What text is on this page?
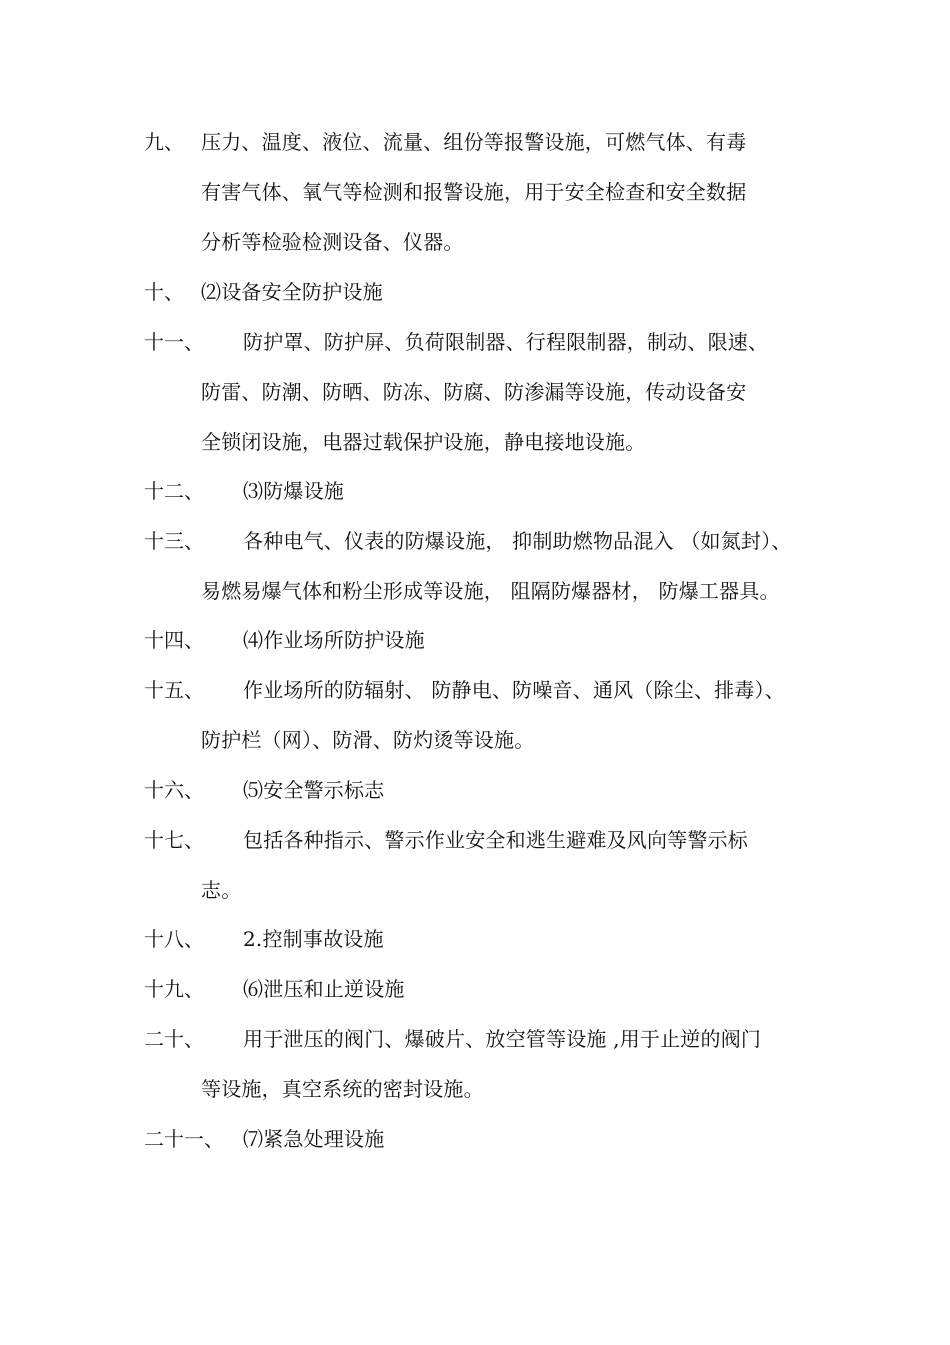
九、 压力、温度、液位、流量、组份等报警设施，可燃气体、有毒
有害气体、氧气等检测和报警设施，用于安全检查和安全数据
分析等检验检测设备、仪器。
十、 ⑵设备安全防护设施
十一、 防护罩、防护屏、负荷限制器、行程限制器，制动、限速、
防雷、防潮、防晒、防冻、防腐、防渗漏等设施，传动设备安
全锁闭设施，电器过载保护设施，静电接地设施。
十二、 ⑶防爆设施
十三、 各种电气、仪表的防爆设施， 抑制助燃物品混入 （如氮封）、
易燃易爆气体和粉尘形成等设施， 阻隔防爆器材， 防爆工器具。
十四、 ⑷作业场所防护设施
十五、 作业场所的防辐射、 防静电、防噪音、通风（除尘、排毒）、
防护栏（网）、防滑、防灼烫等设施。
十六、 ⑸安全警示标志
十七、 包括各种指示、警示作业安全和逃生避难及风向等警示标
志。
十八、 2.控制事故设施
十九、 ⑹泄压和止逆设施
二十、 用于泄压的阀门、爆破片、放空管等设施 ,用于止逆的阀门
等设施，真空系统的密封设施。
二十一、 ⑺紧急处理设施
